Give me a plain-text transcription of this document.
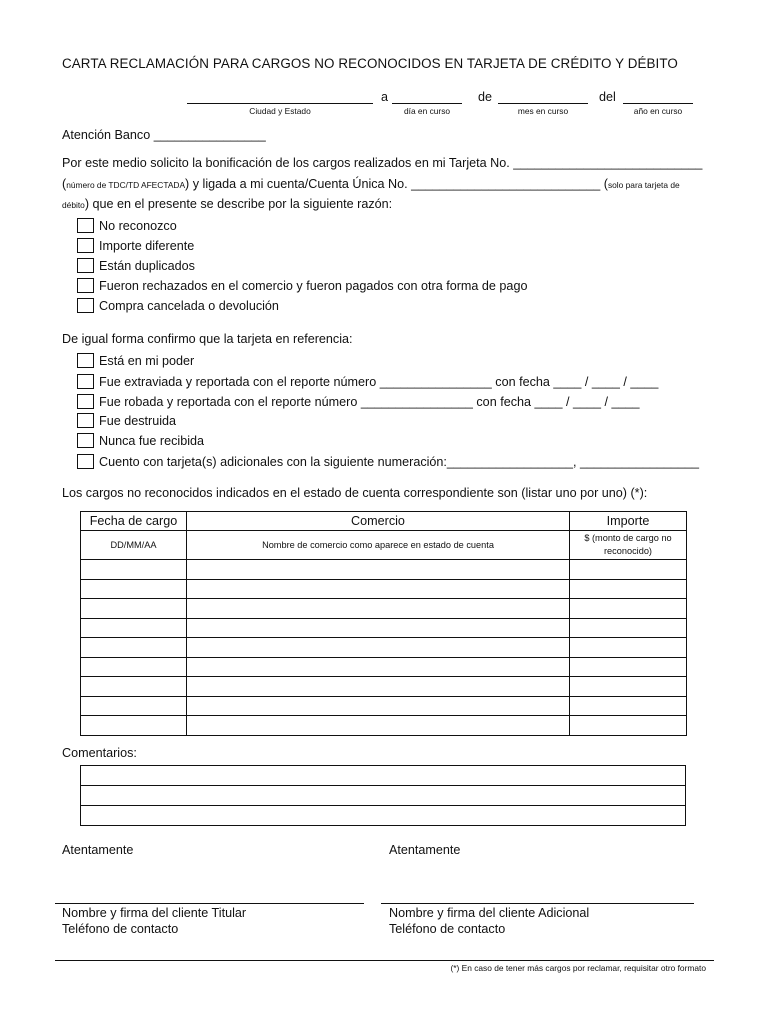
CARTA RECLAMACIÓN PARA CARGOS NO RECONOCIDOS EN TARJETA DE CRÉDITO Y DÉBITO
a	de	del
Ciudad y Estado	día en curso	mes en curso	año en curso
Atención Banco ________________
Por este medio solicito la bonificación de los cargos realizados en mi Tarjeta No. ___________________________
(número de TDC/TD AFECTADA) y ligada a mi cuenta/Cuenta Única No. ___________________________ (solo para tarjeta de
débito) que en el presente se describe por la siguiente razón:
No reconozco
Importe diferente
Están duplicados
Fueron rechazados en el comercio y fueron pagados con otra forma de pago
Compra cancelada o devolución
De igual forma confirmo que la tarjeta en referencia:
Está en mi poder
Fue extraviada y reportada con el reporte número ________________ con fecha ____ / ____ / ____
Fue robada y reportada con el reporte número ________________ con fecha ____ / ____ / ____
Fue destruida
Nunca fue recibida
Cuento con tarjeta(s) adicionales con la siguiente numeración:__________________, _________________
Los cargos no reconocidos indicados en el estado de cuenta correspondiente son (listar uno por uno) (*):
Fecha de cargo	Comercio	Importe
DD/MM/AA	Nombre de comercio como aparece en estado de cuenta	$ (monto de cargo no reconocido)

Comentarios:

Atentamente	Atentamente
Nombre y firma del cliente Titular
Teléfono de contacto
Nombre y firma del cliente Adicional
Teléfono de contacto
(*) En caso de tener más cargos por reclamar, requisitar otro formato
